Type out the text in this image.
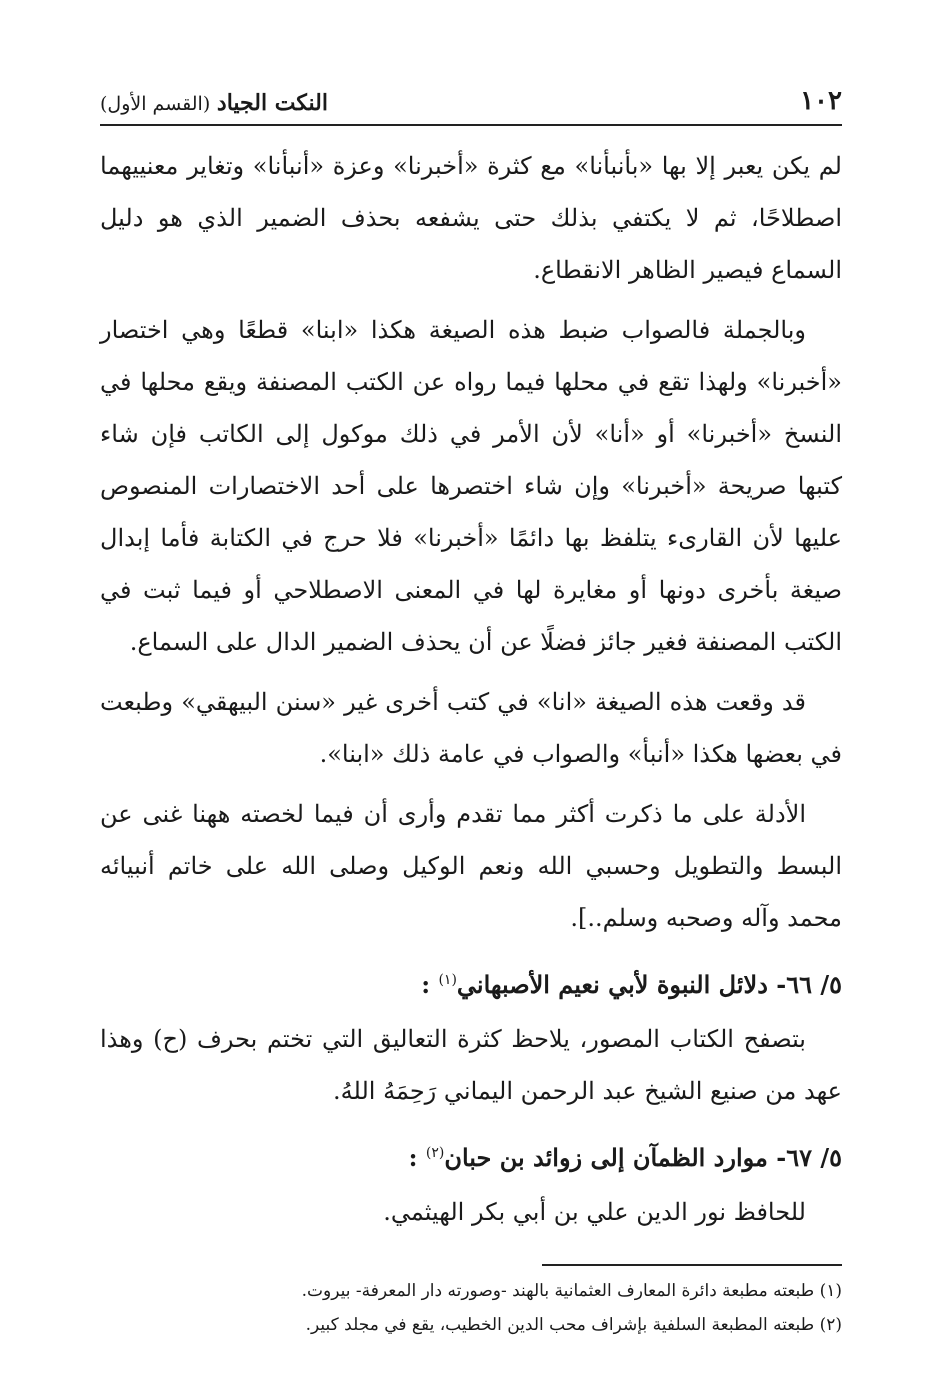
١٠٢
النكت الجياد (القسم الأول)

لم يكن يعبر إلا بها «بأنبأنا» مع كثرة «أخبرنا» وعزة «أنبأنا» وتغاير معنييهما اصطلاحًا، ثم لا يكتفي بذلك حتى يشفعه بحذف الضمير الذي هو دليل السماع فيصير الظاهر الانقطاع.

وبالجملة فالصواب ضبط هذه الصيغة هكذا «ابنا» قطعًا وهي اختصار «أخبرنا» ولهذا تقع في محلها فيما رواه عن الكتب المصنفة ويقع محلها في النسخ «أخبرنا» أو «أنا» لأن الأمر في ذلك موكول إلى الكاتب فإن شاء كتبها صريحة «أخبرنا» وإن شاء اختصرها على أحد الاختصارات المنصوص عليها لأن القارىء يتلفظ بها دائمًا «أخبرنا» فلا حرج في الكتابة فأما إبدال صيغة بأخرى دونها أو مغايرة لها في المعنى الاصطلاحي أو فيما ثبت في الكتب المصنفة فغير جائز فضلًا عن أن يحذف الضمير الدال على السماع.

قد وقعت هذه الصيغة «انا» في كتب أخرى غير «سنن البيهقي» وطبعت في بعضها هكذا «أنبأ» والصواب في عامة ذلك «ابنا».

الأدلة على ما ذكرت أكثر مما تقدم وأرى أن فيما لخصته ههنا غنى عن البسط والتطويل وحسبي الله ونعم الوكيل وصلى الله على خاتم أنبيائه محمد وآله وصحبه وسلم..].

٥/ ٦٦- دلائل النبوة لأبي نعيم الأصبهاني$^{(١)}$ :

بتصفح الكتاب المصور، يلاحظ كثرة التعاليق التي تختم بحرف (ح) وهذا عهد من صنيع الشيخ عبد الرحمن اليماني رَحِمَهُ اللهُ.

٥/ ٦٧- موارد الظمآن إلى زوائد بن حبان$^{(٢)}$ :

للحافظ نور الدين علي بن أبي بكر الهيثمي.

(١) طبعته مطبعة دائرة المعارف العثمانية بالهند -وصورته دار المعرفة- بيروت.

(٢) طبعته المطبعة السلفية بإشراف محب الدين الخطيب، يقع في مجلد كبير.
